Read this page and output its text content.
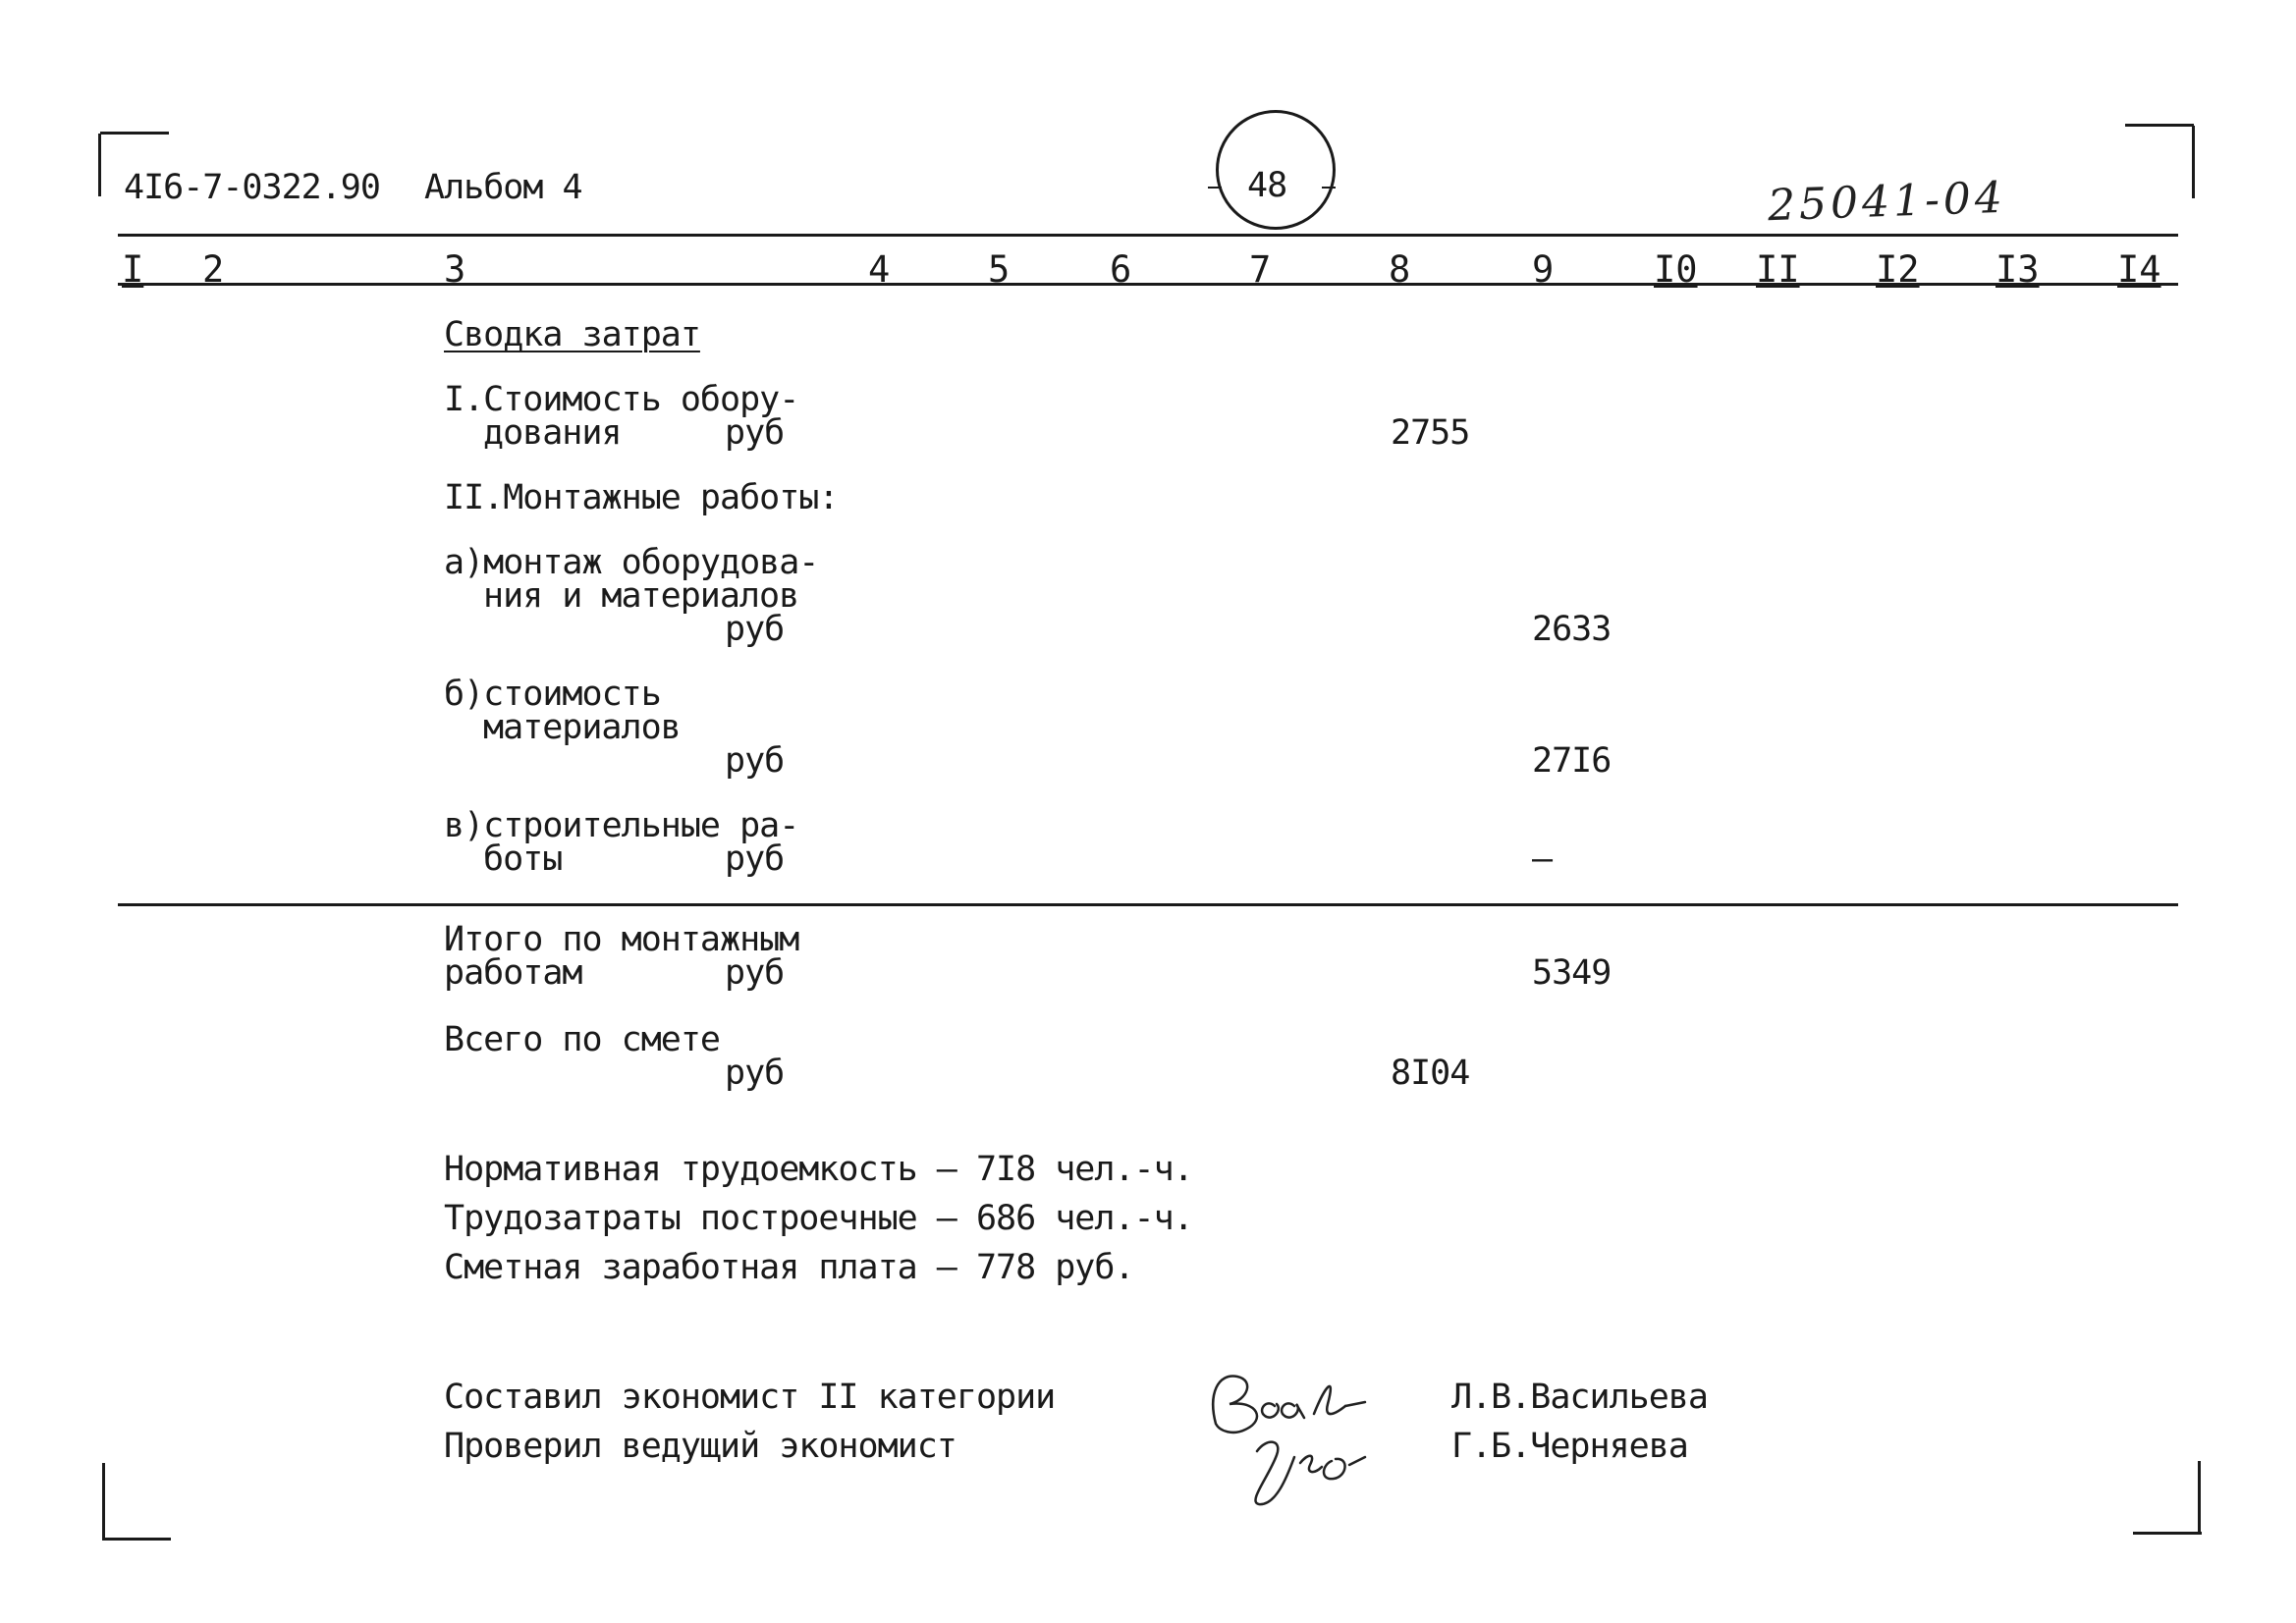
4I6-7-0322.90 Альбом 4	48	25041-04
I 2	3	4	5	6	7	8	9	I0 II I2 I3 I4
Сводка затрат
I.Стоимость обору-
дования	руб	2755
II.Монтажные работы:
а)монтаж оборудова-
ния и материалов
руб	2633
б)стоимость
материалов
руб	27I6
в)строительные ра-
боты	руб	–
Итого по монтажным
работам	руб	5349
Всего по смете
руб	8I04
Нормативная трудоемкость – 7I8 чел.-ч.
Трудозатраты построечные – 686 чел.-ч.
Сметная заработная плата – 778 руб.
Составил экономист II категории
Проверил ведущий экономист
Л.В.Васильева
Г.Б.Черняева
